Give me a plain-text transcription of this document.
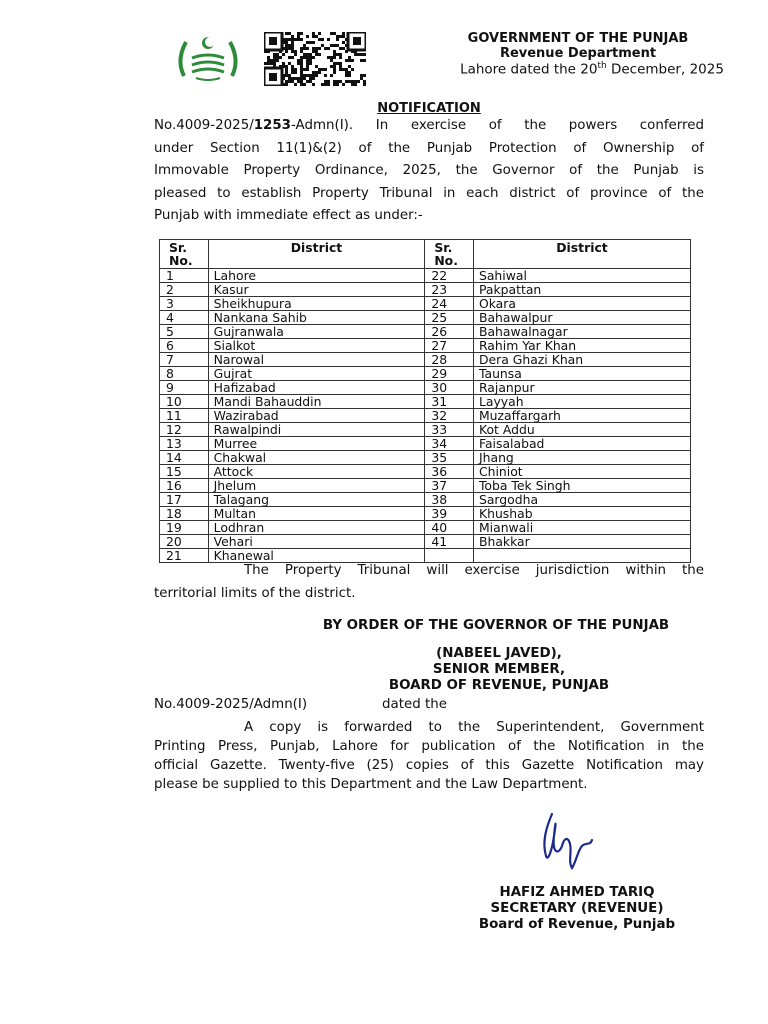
GOVERNMENT OF THE PUNJAB
Revenue Department
Lahore dated the 20th December, 2025
NOTIFICATION
No.4009-2025/1253-Admn(I). In exercise of the powers conferred
under Section 11(1)&(2) of the Punjab Protection of Ownership of
Immovable Property Ordinance, 2025, the Governor of the Punjab is
pleased to establish Property Tribunal in each district of province of the
Punjab with immediate effect as under:-
Sr. No.	District	Sr. No.	District
1	Lahore	22	Sahiwal
2	Kasur	23	Pakpattan
3	Sheikhupura	24	Okara
4	Nankana Sahib	25	Bahawalpur
5	Gujranwala	26	Bahawalnagar
6	Sialkot	27	Rahim Yar Khan
7	Narowal	28	Dera Ghazi Khan
8	Gujrat	29	Taunsa
9	Hafizabad	30	Rajanpur
10	Mandi Bahauddin	31	Layyah
11	Wazirabad	32	Muzaffargarh
12	Rawalpindi	33	Kot Addu
13	Murree	34	Faisalabad
14	Chakwal	35	Jhang
15	Attock	36	Chiniot
16	Jhelum	37	Toba Tek Singh
17	Talagang	38	Sargodha
18	Multan	39	Khushab
19	Lodhran	40	Mianwali
20	Vehari	41	Bhakkar
21	Khanewal		
The Property Tribunal will exercise jurisdiction within the
territorial limits of the district.
BY ORDER OF THE GOVERNOR OF THE PUNJAB
(NABEEL JAVED),
SENIOR MEMBER,
BOARD OF REVENUE, PUNJAB
No.4009-2025/Admn(I)	dated the
A copy is forwarded to the Superintendent, Government
Printing Press, Punjab, Lahore for publication of the Notification in the
official Gazette. Twenty-five (25) copies of this Gazette Notification may
please be supplied to this Department and the Law Department.
HAFIZ AHMED TARIQ
SECRETARY (REVENUE)
Board of Revenue, Punjab
